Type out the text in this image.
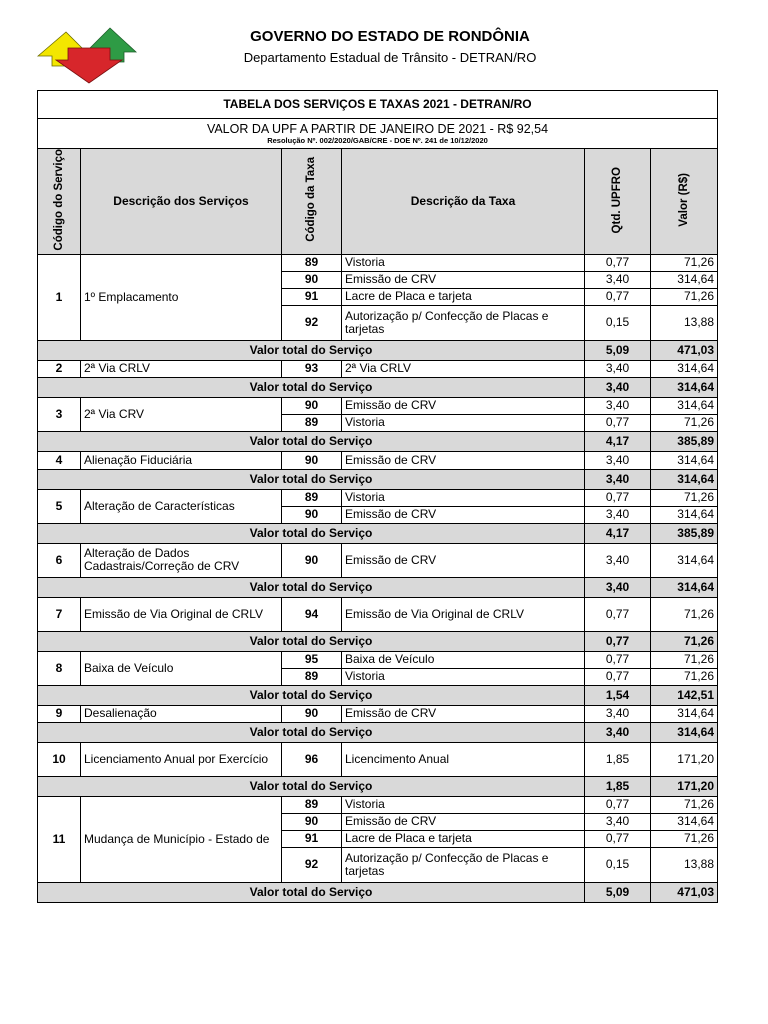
GOVERNO DO ESTADO DE RONDÔNIA
Departamento Estadual de Trânsito - DETRAN/RO
TABELA DOS SERVIÇOS E TAXAS 2021 - DETRAN/RO					

VALOR DA UPF A PARTIR DE JANEIRO DE 2021 - R$ 92,54
Resolução Nº. 002/2020/GAB/CRE - DOE Nº. 241 de 10/12/2020					

Código do Serviço	Descrição dos Serviços	Código da Taxa	Descrição da Taxa	Qtd. UPFRO	Valor (R$)
1	1º Emplacamento	89	Vistoria	0,77	71,26
		90	Emissão de CRV	3,40	314,64
		91	Lacre de Placa e tarjeta	0,77	71,26
		92	Autorização p/ Confecção de Placas e tarjetas	0,15	13,88
Valor total do Serviço				5,09	471,03
2	2ª Via CRLV	93	2ª Via CRLV	3,40	314,64
Valor total do Serviço				3,40	314,64
3	2ª Via CRV	90	Emissão de CRV	3,40	314,64
		89	Vistoria	0,77	71,26
Valor total do Serviço				4,17	385,89
4	Alienação Fiduciária	90	Emissão de CRV	3,40	314,64
Valor total do Serviço				3,40	314,64
5	Alteração de Características	89	Vistoria	0,77	71,26
		90	Emissão de CRV	3,40	314,64
Valor total do Serviço				4,17	385,89
6	Alteração de Dados Cadastrais/Correção de CRV	90	Emissão de CRV	3,40	314,64
Valor total do Serviço				3,40	314,64
7	Emissão de Via Original de CRLV	94	Emissão de Via Original de CRLV	0,77	71,26
Valor total do Serviço				0,77	71,26
8	Baixa de Veículo	95	Baixa de Veículo	0,77	71,26
		89	Vistoria	0,77	71,26
Valor total do Serviço				1,54	142,51
9	Desalienação	90	Emissão de CRV	3,40	314,64
Valor total do Serviço				3,40	314,64
10	Licenciamento Anual por Exercício	96	Licencimento Anual	1,85	171,20
Valor total do Serviço				1,85	171,20
11	Mudança de Município - Estado de	89	Vistoria	0,77	71,26
		90	Emissão de CRV	3,40	314,64
		91	Lacre de Placa e tarjeta	0,77	71,26
		92	Autorização p/ Confecção de Placas e tarjetas	0,15	13,88
Valor total do Serviço				5,09	471,03
